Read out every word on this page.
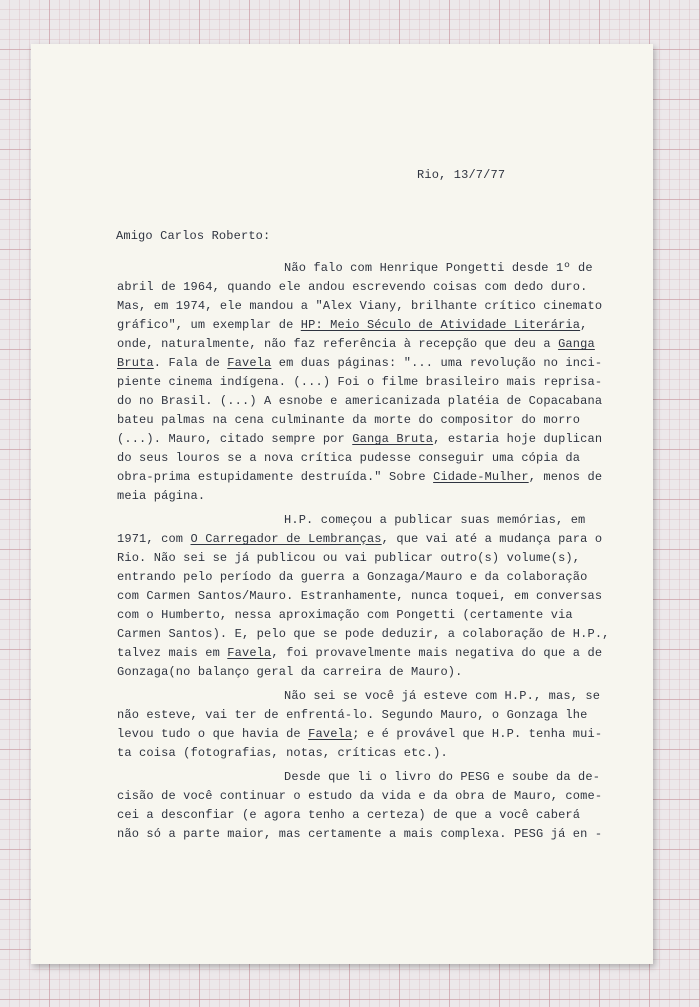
Rio, 13/7/77
Amigo Carlos Roberto:
Não falo com Henrique Pongetti desde 1º de
abril de 1964, quando ele andou escrevendo coisas com dedo duro.
Mas, em 1974, ele mandou a "Alex Viany, brilhante crítico cinemato
gráfico", um exemplar de HP: Meio Século de Atividade Literária,
onde, naturalmente, não faz referência à recepção que deu a Ganga
Bruta. Fala de Favela em duas páginas: "... uma revolução no inci-
piente cinema indígena. (...) Foi o filme brasileiro mais reprisa-
do no Brasil. (...) A esnobe e americanizada platéia de Copacabana
bateu palmas na cena culminante da morte do compositor do morro
(...). Mauro, citado sempre por Ganga Bruta, estaria hoje duplican
do seus louros se a nova crítica pudesse conseguir uma cópia da
obra-prima estupidamente destruída." Sobre Cidade-Mulher, menos de
meia página.
H.P. começou a publicar suas memórias, em
1971, com O Carregador de Lembranças, que vai até a mudança para o
Rio. Não sei se já publicou ou vai publicar outro(s) volume(s),
entrando pelo período da guerra a Gonzaga/Mauro e da colaboração
com Carmen Santos/Mauro. Estranhamente, nunca toquei, em conversas
com o Humberto, nessa aproximação com Pongetti (certamente via
Carmen Santos). E, pelo que se pode deduzir, a colaboração de H.P.,
talvez mais em Favela, foi provavelmente mais negativa do que a de
Gonzaga(no balanço geral da carreira de Mauro).
Não sei se você já esteve com H.P., mas, se
não esteve, vai ter de enfrentá-lo. Segundo Mauro, o Gonzaga lhe
levou tudo o que havia de Favela; e é provável que H.P. tenha mui-
ta coisa (fotografias, notas, críticas etc.).
Desde que li o livro do PESG e soube da de-
cisão de você continuar o estudo da vida e da obra de Mauro, come-
cei a desconfiar (e agora tenho a certeza) de que a você caberá
não só a parte maior, mas certamente a mais complexa. PESG já en -
